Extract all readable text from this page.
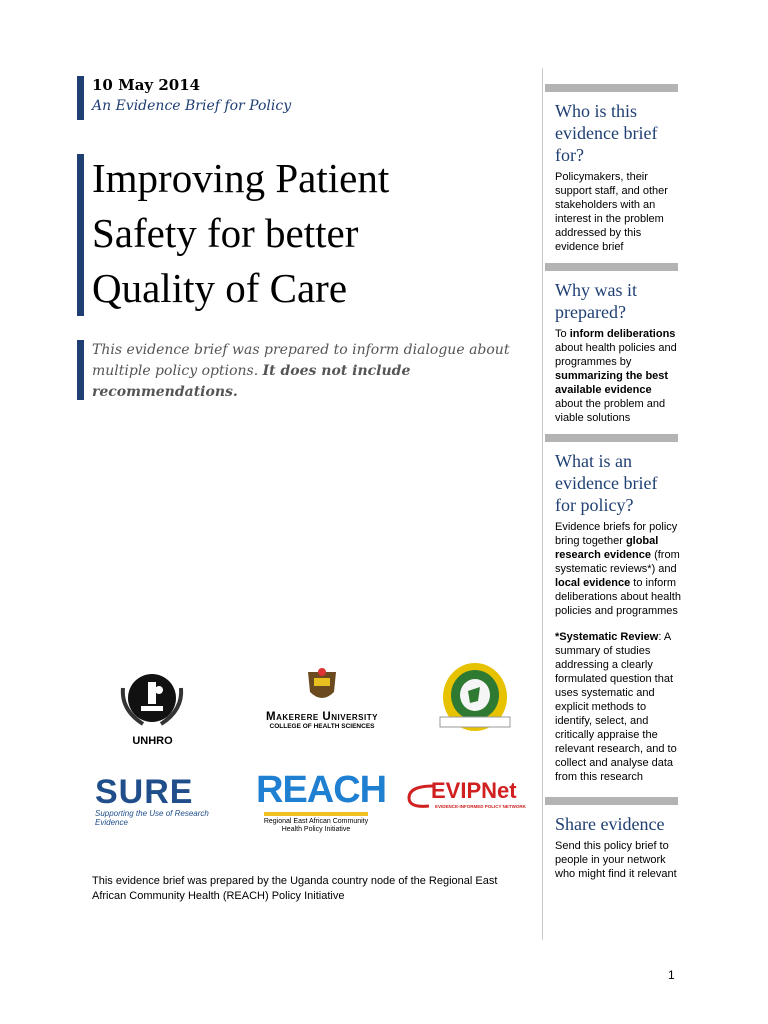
10 May 2014

An Evidence Brief for Policy

Improving Patient
Safety for better
Quality of Care

This evidence brief was prepared to inform dialogue about multiple policy options. It does not include recommendations.

Who is this evidence brief for?

Policymakers, their support staff, and other stakeholders with an interest in the problem addressed by this evidence brief

Why was it prepared?

To inform deliberations about health policies and programmes by summarizing the best available evidence about the problem and viable solutions

What is an evidence brief for policy?

Evidence briefs for policy bring together global research evidence (from systematic reviews*) and local evidence to inform deliberations about health policies and programmes

*Systematic Review: A summary of studies addressing a clearly formulated question that uses systematic and explicit methods to identify, select, and critically appraise the relevant research, and to collect and analyse data from this research

Share evidence

Send this policy brief to people in your network who might find it relevant

UNHRO
Makerere University
COLLEGE OF HEALTH SCIENCES
SURE
Supporting the Use of Research Evidence
REACH
Regional East African Community
Health Policy Initiative
EVIPNet
EVIDENCE-INFORMED POLICY NETWORK

This evidence brief was prepared by the Uganda country node of the Regional East African Community Health (REACH) Policy Initiative

1
